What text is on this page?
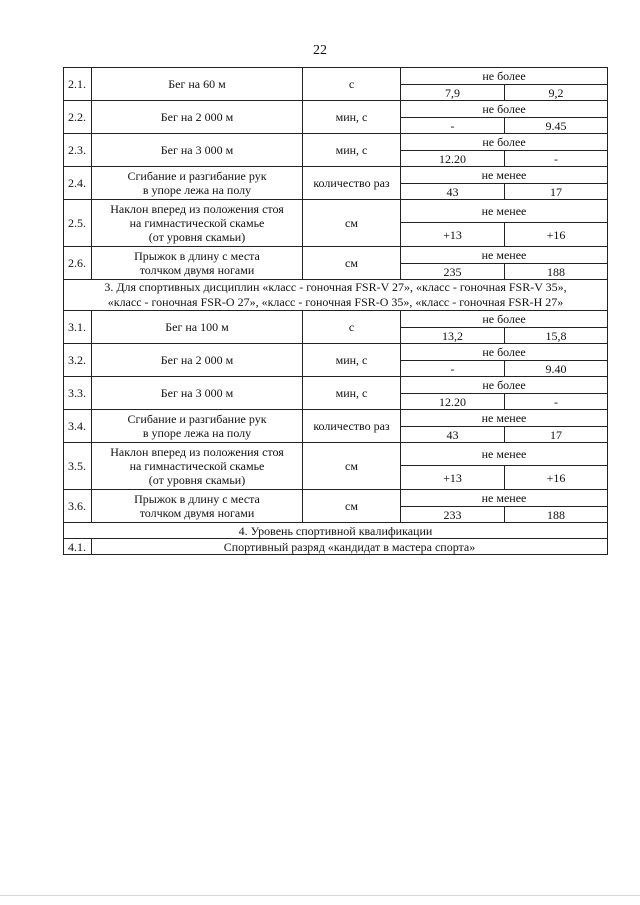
22
2.1.	Бег на 60 м	с	не более	
			7,9	9,2
2.2.	Бег на 2 000 м	мин, с	не более	
			-	9.45
2.3.	Бег на 3 000 м	мин, с	не более	
			12.20	-
2.4.	Сгибание и разгибание рук
в упоре лежа на полу	количество раз	не менее	
			43	17
2.5.	Наклон вперед из положения стоя
на гимнастической скамье
(от уровня скамьи)	см	не менее	
			+13	+16
2.6.	Прыжок в длину с места
толчком двумя ногами	см	не менее	
			235	188

3. Для спортивных дисциплин «класс - гоночная FSR-V 27», «класс - гоночная FSR-V 35»,
«класс - гоночная FSR-O 27», «класс - гоночная FSR-O 35», «класс - гоночная FSR-H 27»				

3.1.	Бег на 100 м	с	не более	
			13,2	15,8
3.2.	Бег на 2 000 м	мин, с	не более	
			-	9.40
3.3.	Бег на 3 000 м	мин, с	не более	
			12.20	-
3.4.	Сгибание и разгибание рук
в упоре лежа на полу	количество раз	не менее	
			43	17
3.5.	Наклон вперед из положения стоя
на гимнастической скамье
(от уровня скамьи)	см	не менее	
			+13	+16
3.6.	Прыжок в длину с места
толчком двумя ногами	см	не менее	
			233	188
4. Уровень спортивной квалификации				
4.1.	Спортивный разряд «кандидат в мастера спорта»			
